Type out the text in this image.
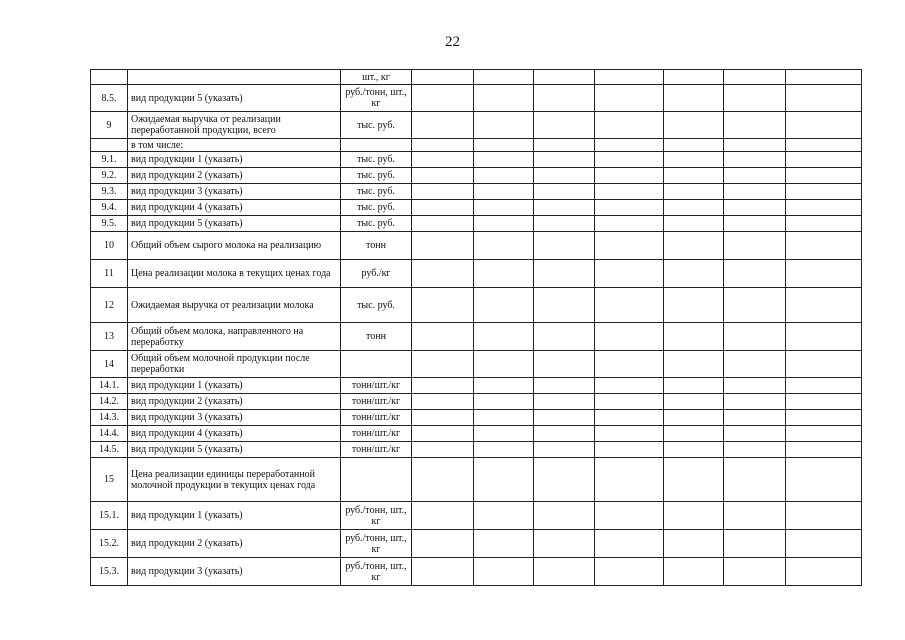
22
		шт., кг							
8.5.	вид продукции 5 (указать)	руб./тонн, шт., кг							
9	Ожидаемая выручка от реализации переработанной продукции, всего	тыс. руб.							
	в том числе:								
9.1.	вид продукции 1 (указать)	тыс. руб.							
9.2.	вид продукции 2 (указать)	тыс. руб.							
9.3.	вид продукции 3 (указать)	тыс. руб.							
9.4.	вид продукции 4 (указать)	тыс. руб.							
9.5.	вид продукции 5 (указать)	тыс. руб.							
10	Общий объем сырого молока на реализацию	тонн							
11	Цена реализации молока в текущих ценах года	руб./кг							
12	Ожидаемая выручка от реализации молока	тыс. руб.							
13	Общий объем молока, направленного на переработку	тонн							
14	Общий объем молочной продукции после переработки								
14.1.	вид продукции 1 (указать)	тонн/шт./кг							
14.2.	вид продукции 2 (указать)	тонн/шт./кг							
14.3.	вид продукции 3 (указать)	тонн/шт./кг							
14.4.	вид продукции 4 (указать)	тонн/шт./кг							
14.5.	вид продукции 5 (указать)	тонн/шт./кг							
15	Цена реализации единицы переработанной молочной продукции в текущих ценах года								
15.1.	вид продукции 1 (указать)	руб./тонн, шт., кг							
15.2.	вид продукции 2 (указать)	руб./тонн, шт., кг							
15.3.	вид продукции 3 (указать)	руб./тонн, шт., кг							
